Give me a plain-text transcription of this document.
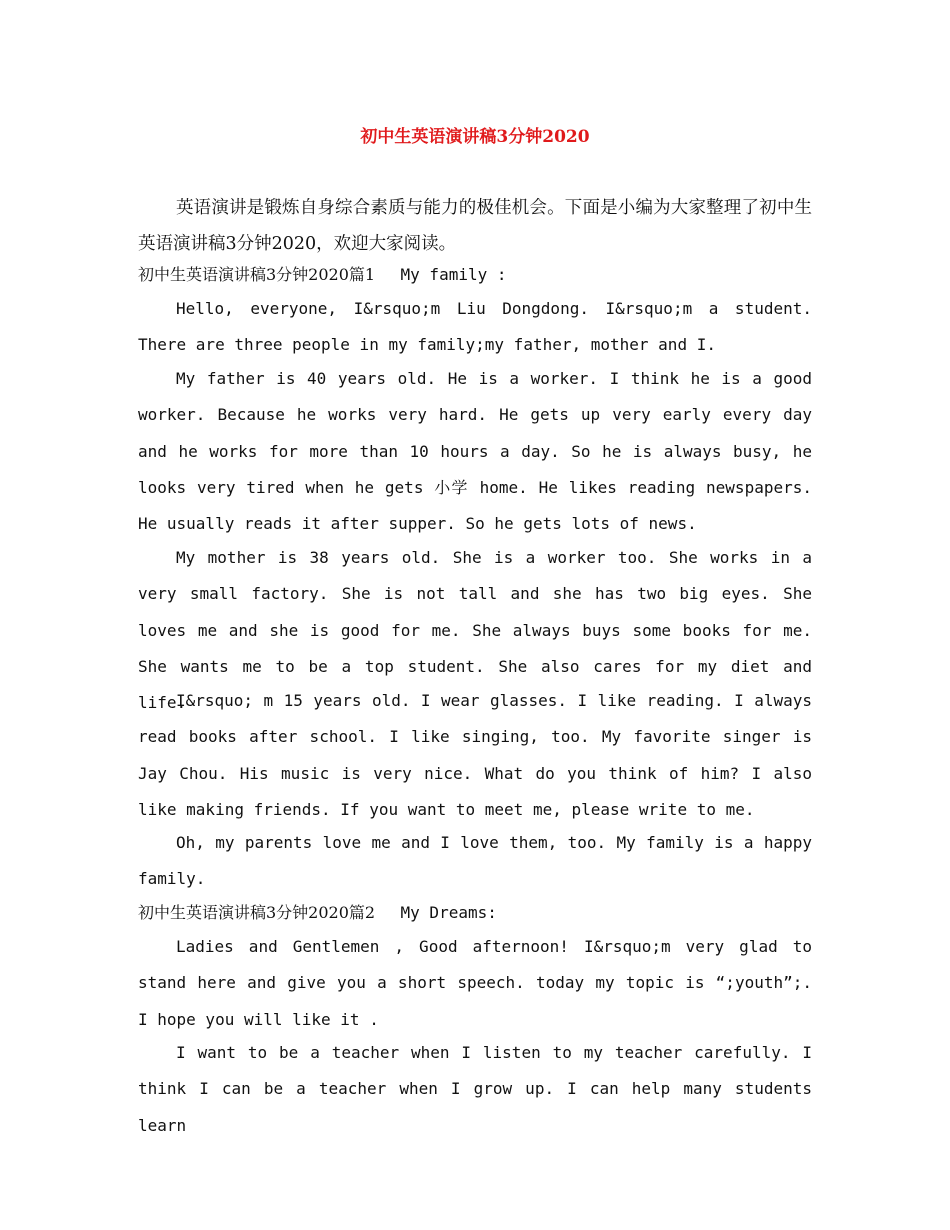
初中生英语演讲稿3分钟2020

英语演讲是锻炼自身综合素质与能力的极佳机会。下面是小编为大家整理了初中生英语演讲稿3分钟2020，欢迎大家阅读。

初中生英语演讲稿3分钟2020篇1 My family :

Hello, everyone, I&rsquo;m Liu Dongdong. I&rsquo;m a student. There are three people in my family;my father, mother and I.

My father is 40 years old. He is a worker. I think he is a good worker. Because he works very hard. He gets up very early every day and he works for more than 10 hours a day. So he is always busy, he looks very tired when he gets 小学 home. He likes reading newspapers. He usually reads it after supper. So he gets lots of news.

My mother is 38 years old. She is a worker too. She works in a very small factory. She is not tall and she has two big eyes. She loves me and she is good for me. She always buys some books for me. She wants me to be a top student. She also cares for my diet and life.

I&rsquo; m 15 years old. I wear glasses. I like reading. I always read books after school. I like singing, too. My favorite singer is Jay Chou. His music is very nice. What do you think of him? I also like making friends. If you want to meet me, please write to me.

Oh, my parents love me and I love them, too. My family is a happy family.

初中生英语演讲稿3分钟2020篇2 My Dreams:

Ladies and Gentlemen , Good afternoon! I&rsquo;m very glad to stand here and give you a short speech. today my topic is “;youth”;. I hope you will like it .

I want to be a teacher when I listen to my teacher carefully. I think I can be a teacher when I grow up. I can help many students learn
